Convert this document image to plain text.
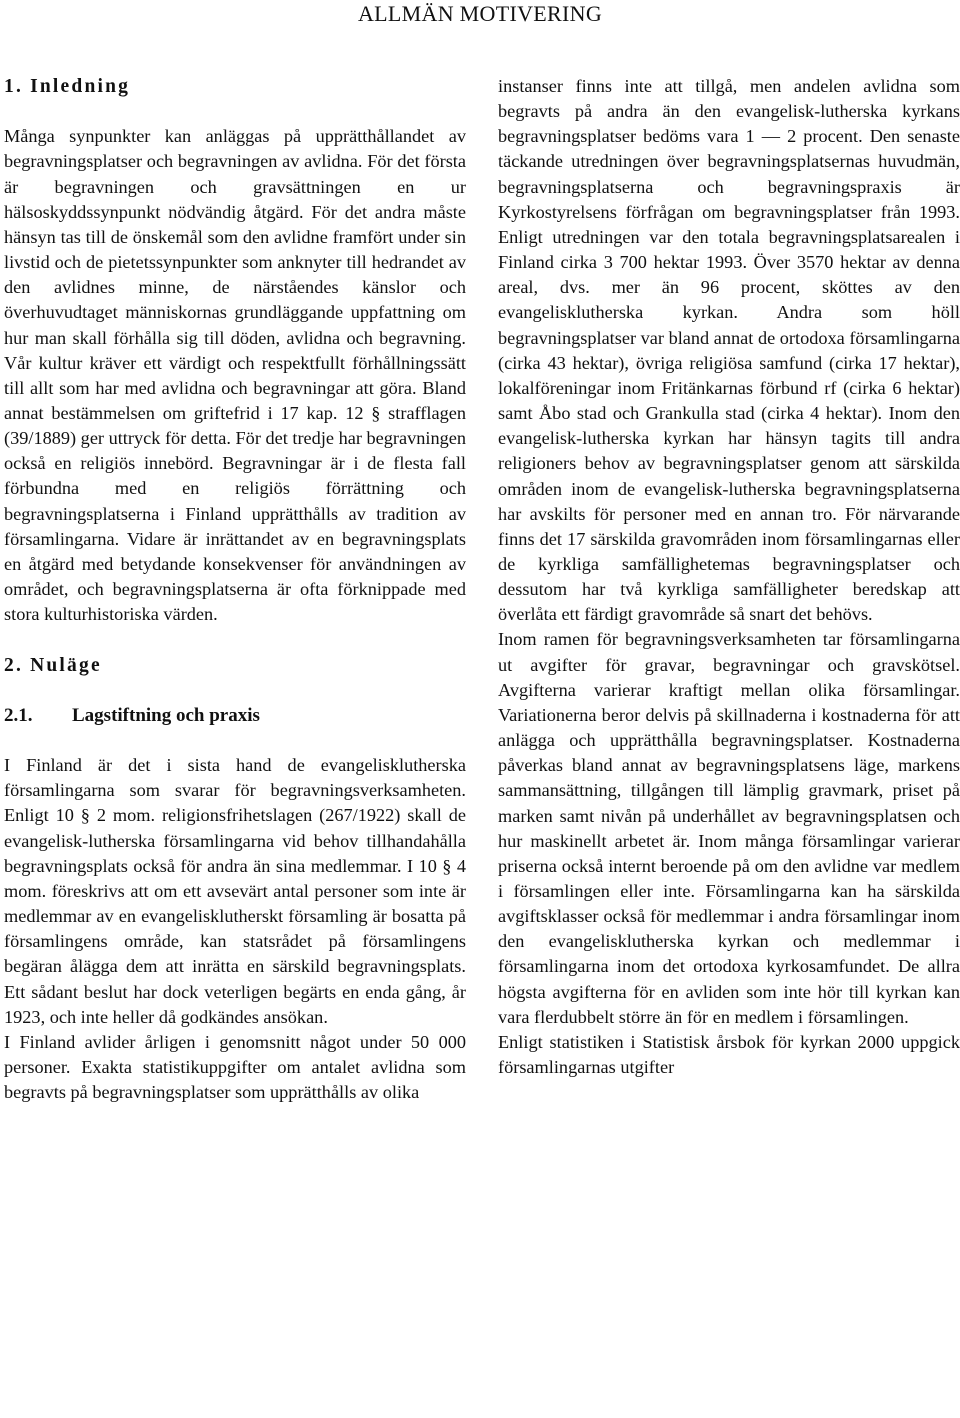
ALLMÄN MOTIVERING

1. Inledning

Många synpunkter kan anläggas på upprätthållandet av begravningsplatser och begravningen av avlidna. För det första är begravningen och gravsättningen en ur hälsoskyddssynpunkt nödvändig åtgärd. För det andra måste hänsyn tas till de önskemål som den avlidne framfört under sin livstid och de pietetssynpunkter som anknyter till hedrandet av den avlidnes minne, de närståendes känslor och överhuvudtaget människornas grundläggande uppfattning om hur man skall förhålla sig till döden, avlidna och begravning. Vår kultur kräver ett värdigt och respektfullt förhållningssätt till allt som har med avlidna och begravningar att göra. Bland annat bestämmelsen om griftefrid i 17 kap. 12 § strafflagen (39/1889) ger uttryck för detta. För det tredje har begravningen också en religiös innebörd. Begravningar är i de flesta fall förbundna med en religiös förrättning och begravningsplatserna i Finland upprätthålls av tradition av församlingarna. Vidare är inrättandet av en begravningsplats en åtgärd med betydande konsekvenser för användningen av området, och begravningsplatserna är ofta förknippade med stora kulturhistoriska värden.

2. Nuläge

2.1. Lagstiftning och praxis

I Finland är det i sista hand de evangelisklutherska församlingarna som svarar för begravningsverksamheten. Enligt 10 § 2 mom. religionsfrihetslagen (267/1922) skall de evangelisk-lutherska församlingarna vid behov tillhandahålla begravningsplats också för andra än sina medlemmar. I 10 § 4 mom. föreskrivs att om ett avsevärt antal personer som inte är medlemmar av en evangelisklutherskt församling är bosatta på församlingens område, kan statsrådet på församlingens begäran ålägga dem att inrätta en särskild begravningsplats. Ett sådant beslut har dock veterligen begärts en enda gång, år 1923, och inte heller då godkändes ansökan.

I Finland avlider årligen i genomsnitt något under 50 000 personer. Exakta statistikuppgifter om antalet avlidna som begravts på begravningsplatser som upprätthålls av olika

instanser finns inte att tillgå, men andelen avlidna som begravts på andra än den evangelisk-lutherska kyrkans begravningsplatser bedöms vara 1 — 2 procent. Den senaste täckande utredningen över begravningsplatsernas huvudmän, begravningsplatserna och begravningspraxis är Kyrkostyrelsens förfrågan om begravningsplatser från 1993. Enligt utredningen var den totala begravningsplatsarealen i Finland cirka 3 700 hektar 1993. Över 3570 hektar av denna areal, dvs. mer än 96 procent, sköttes av den evangelisklutherska kyrkan. Andra som höll begravningsplatser var bland annat de ortodoxa församlingarna (cirka 43 hektar), övriga religiösa samfund (cirka 17 hektar), lokalföreningar inom Fritänkarnas förbund rf (cirka 6 hektar) samt Åbo stad och Grankulla stad (cirka 4 hektar). Inom den evangelisk-lutherska kyrkan har hänsyn tagits till andra religioners behov av begravningsplatser genom att särskilda områden inom de evangelisk-lutherska begravningsplatserna har avskilts för personer med en annan tro. För närvarande finns det 17 särskilda gravområden inom församlingarnas eller de kyrkliga samfällighetemas begravningsplatser och dessutom har två kyrkliga samfälligheter beredskap att överlåta ett färdigt gravområde så snart det behövs.

Inom ramen för begravningsverksamheten tar församlingarna ut avgifter för gravar, begravningar och gravskötsel. Avgifterna varierar kraftigt mellan olika församlingar. Variationerna beror delvis på skillnaderna i kostnaderna för att anlägga och upprätthålla begravningsplatser. Kostnaderna påverkas bland annat av begravningsplatsens läge, markens sammansättning, tillgången till lämplig gravmark, priset på marken samt nivån på underhållet av begravningsplatsen och hur maskinellt arbetet är. Inom många församlingar varierar priserna också internt beroende på om den avlidne var medlem i församlingen eller inte. Församlingarna kan ha särskilda avgiftsklasser också för medlemmar i andra församlingar inom den evangelisklutherska kyrkan och medlemmar i församlingarna inom det ortodoxa kyrkosamfundet. De allra högsta avgifterna för en avliden som inte hör till kyrkan kan vara flerdubbelt större än för en medlem i församlingen.

Enligt statistiken i Statistisk årsbok för kyrkan 2000 uppgick församlingarnas utgifter
